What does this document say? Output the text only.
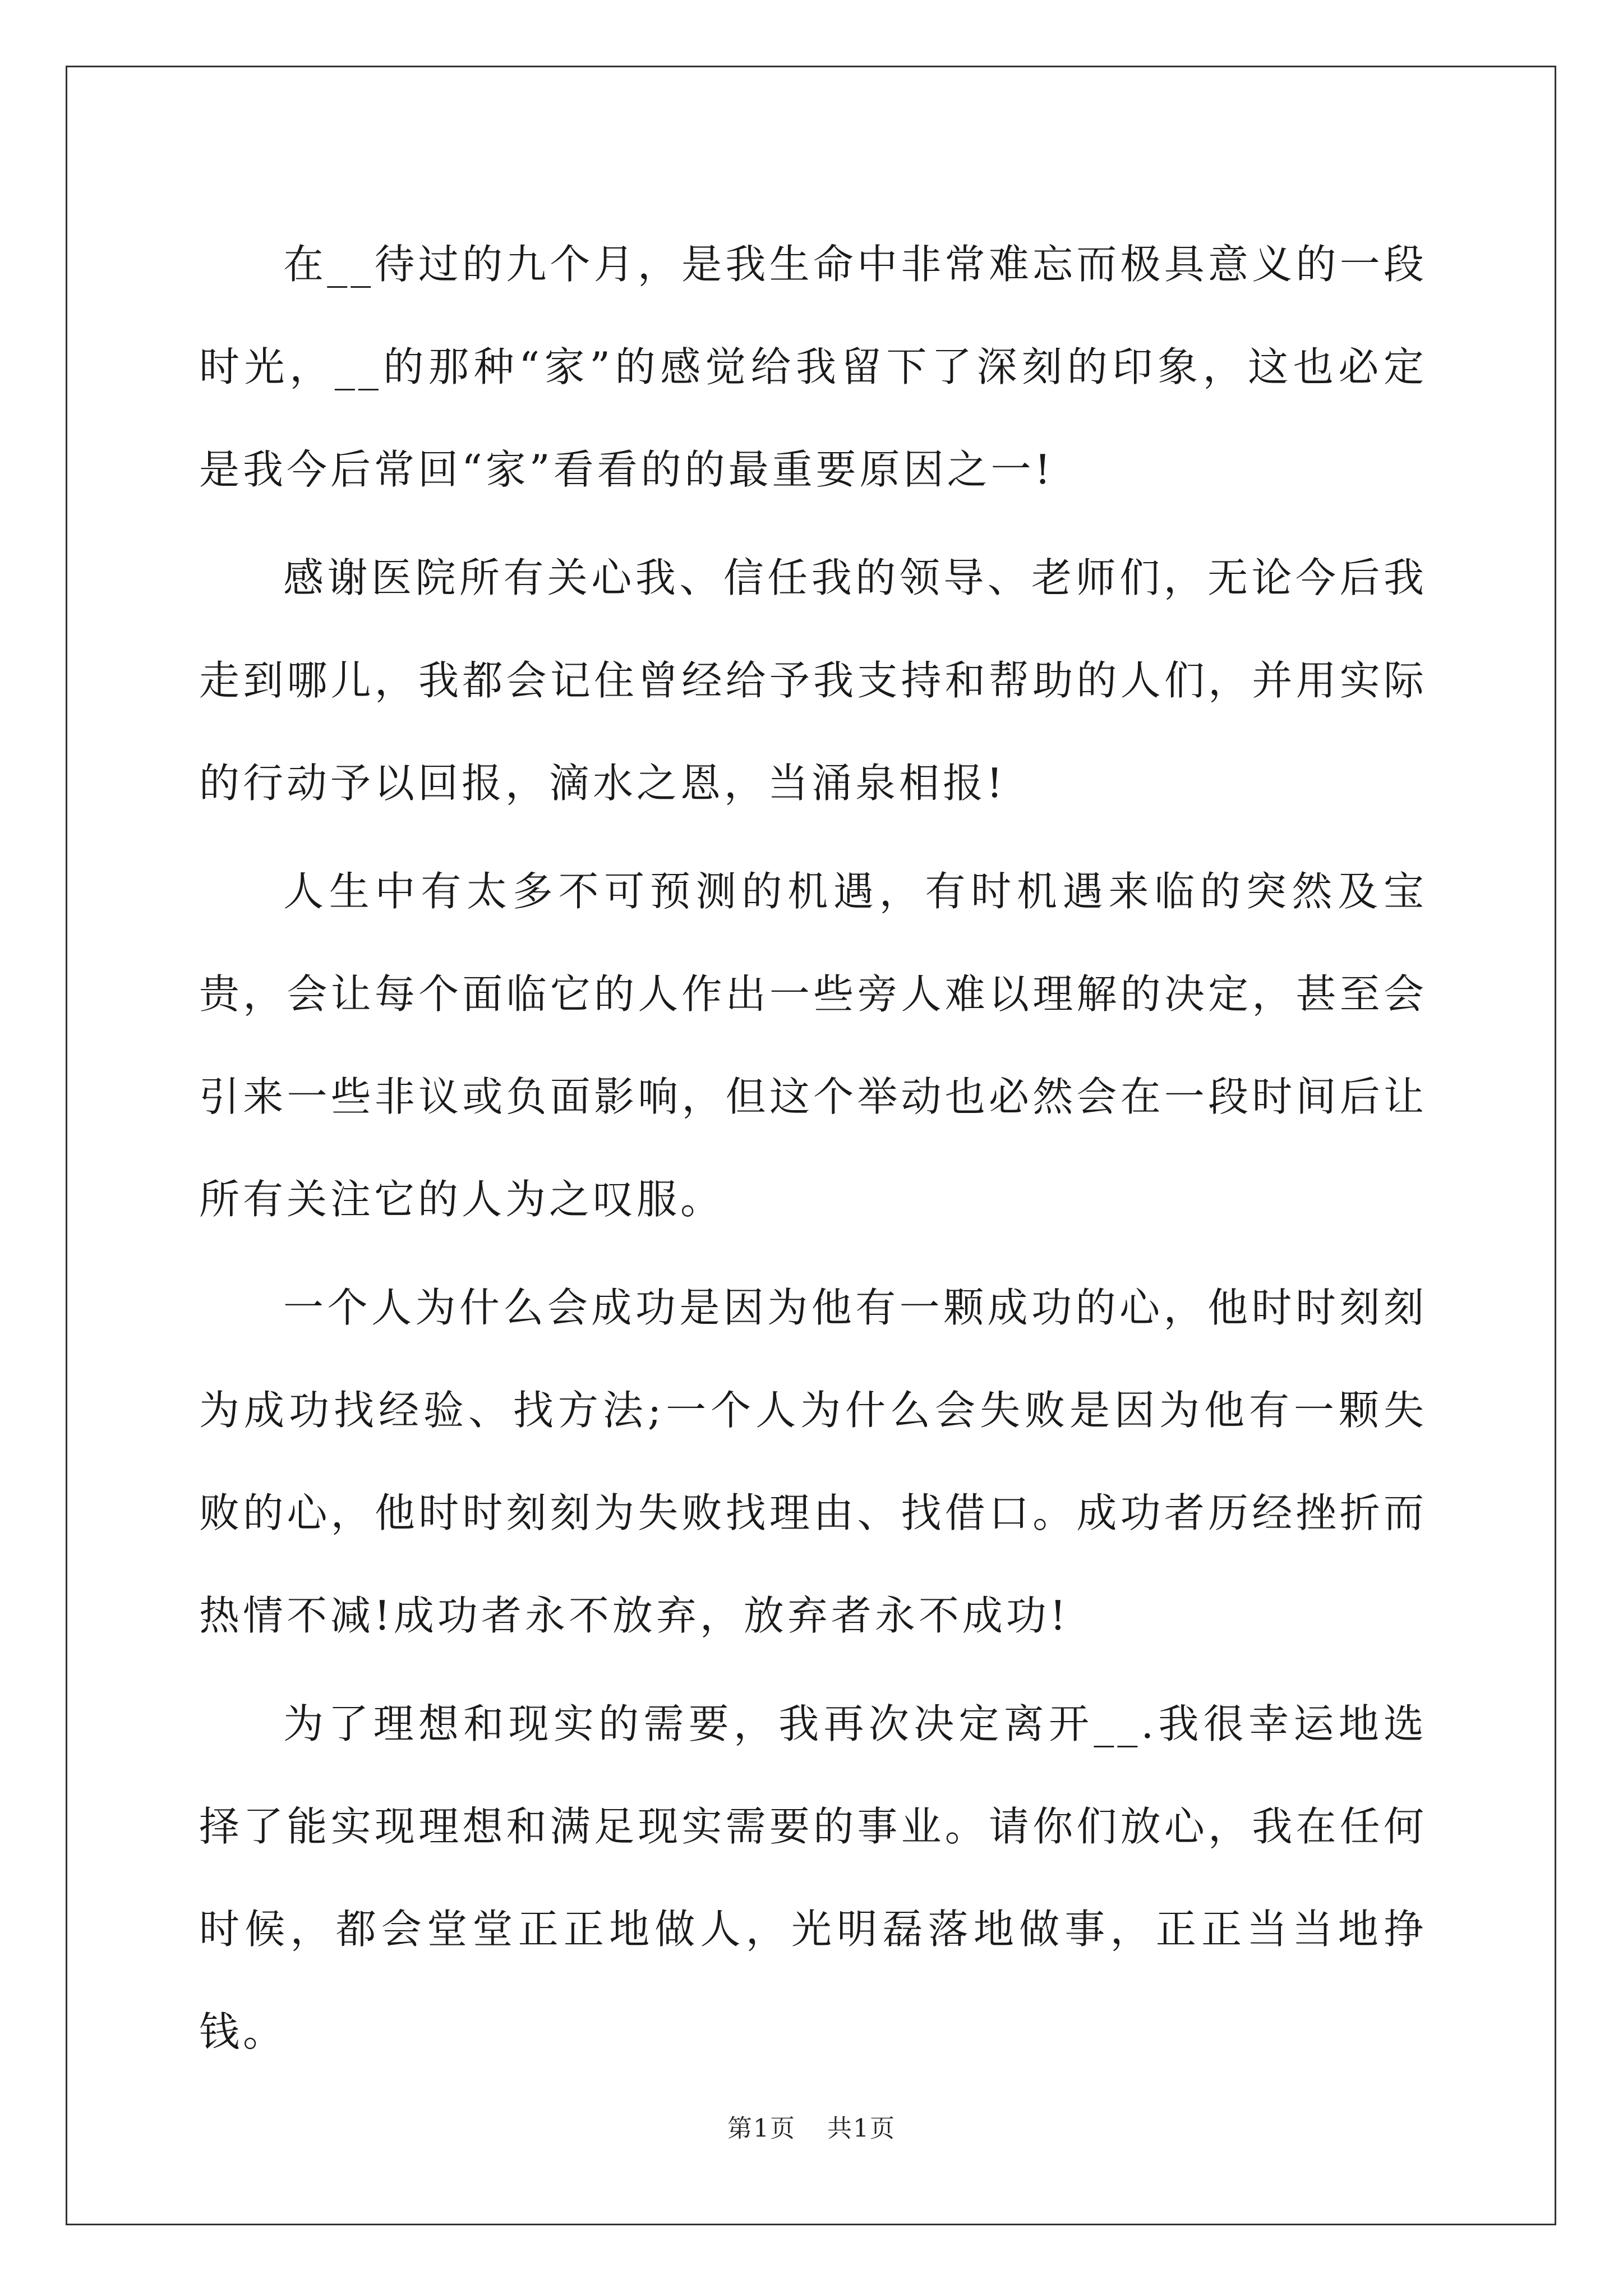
在__待过的九个月，是我生命中非常难忘而极具意义的一段时光，__的那种“家”的感觉给我留下了深刻的印象，这也必定是我今后常回“家”看看的的最重要原因之一!

感谢医院所有关心我、信任我的领导、老师们，无论今后我走到哪儿，我都会记住曾经给予我支持和帮助的人们，并用实际的行动予以回报，滴水之恩，当涌泉相报!

人生中有太多不可预测的机遇，有时机遇来临的突然及宝贵，会让每个面临它的人作出一些旁人难以理解的决定，甚至会引来一些非议或负面影响，但这个举动也必然会在一段时间后让所有关注它的人为之叹服。

一个人为什么会成功是因为他有一颗成功的心，他时时刻刻为成功找经验、找方法;一个人为什么会失败是因为他有一颗失败的心，他时时刻刻为失败找理由、找借口。成功者历经挫折而热情不减!成功者永不放弃，放弃者永不成功!

为了理想和现实的需要，我再次决定离开__.我很幸运地选择了能实现理想和满足现实需要的事业。请你们放心，我在任何时候，都会堂堂正正地做人，光明磊落地做事，正正当当地挣钱。

第1页 共1页
